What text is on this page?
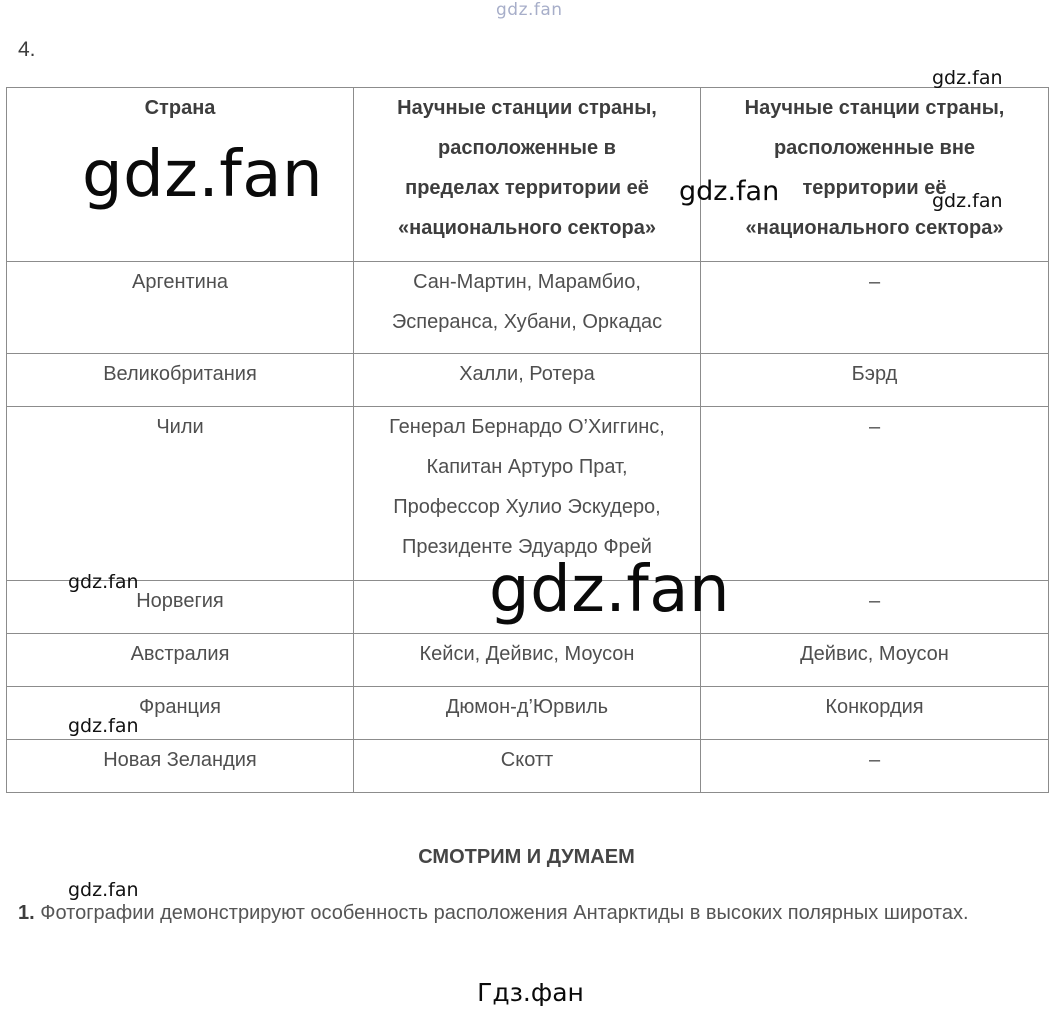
gdz.fan
4.
Страна	Научные станции страны,
расположенные в
пределах территории её
«национального сектора»	Научные станции страны,
расположенные вне
территории её
«национального сектора»

Аргентина	Сан-Мартин, Марамбио,
Эсперанса, Хубани, Оркадас	–

Великобритания	Халли, Ротера	Бэрд

Чили	Генерал Бернардо О’Хиггинс,
Капитан Артуро Прат,
Профессор Хулио Эскудеро,
Президенте Эдуардо Фрей	–

Норвегия		–

Австралия	Кейси, Дейвис, Моусон	Дейвис, Моусон

Франция	Дюмон-д’Юрвиль	Конкордия

Новая Зеландия	Скотт	–
gdz.fan
gdz.fan	gdz.fan	gdz.fan
gdz.fan	gdz.fan
gdz.fan
СМОТРИМ И ДУМАЕМ
gdz.fan
1. Фотографии демонстрируют особенность расположения Антарктиды в высоких полярных широтах.
Гдз.фан
